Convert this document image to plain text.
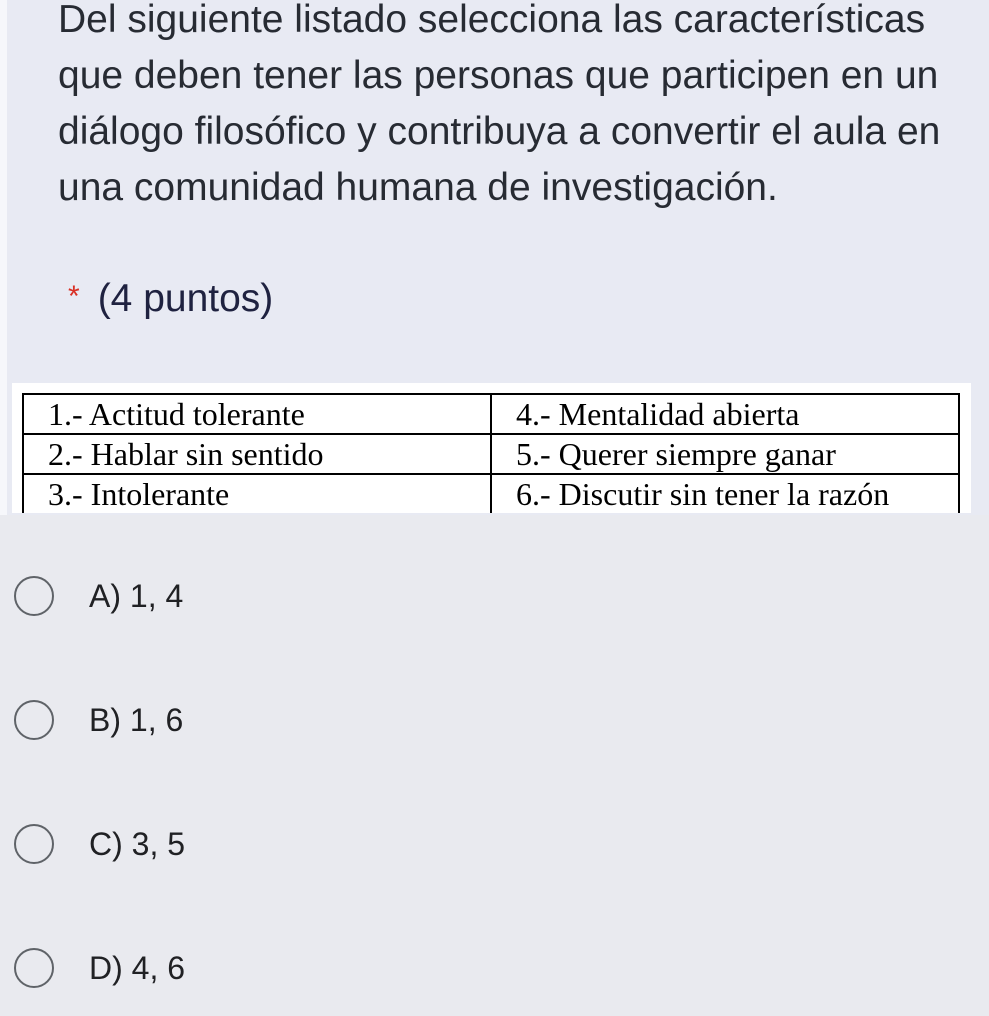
Del siguiente listado selecciona las características que deben tener las personas que participen en un diálogo filosófico y contribuya a convertir el aula en una comunidad humana de investigación.

* (4 puntos)
1.- Actitud tolerante	4.- Mentalidad abierta
2.- Hablar sin sentido	5.- Querer siempre ganar
3.- Intolerante	6.- Discutir sin tener la razón
A) 1, 4
B) 1, 6
C) 3, 5
D) 4, 6
